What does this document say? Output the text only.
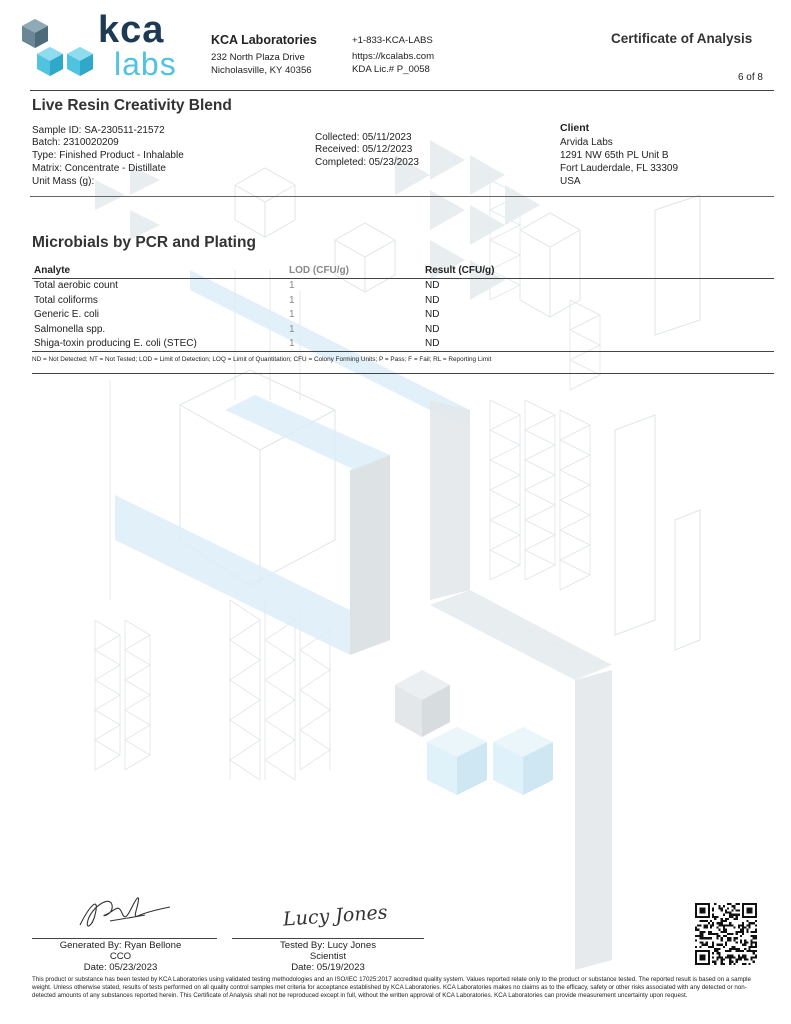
kca
labs
KCA Laboratories
232 North Plaza Drive
Nicholasville, KY 40356
+1-833-KCA-LABS
https://kcalabs.com
KDA Lic.# P_0058
Certificate of Analysis
6 of 8
Live Resin Creativity Blend
Sample ID: SA-230511-21572
Batch: 2310020209
Type: Finished Product - Inhalable
Matrix: Concentrate - Distillate
Unit Mass (g):
Collected: 05/11/2023
Received: 05/12/2023
Completed: 05/23/2023
Client
Arvida Labs
1291 NW 65th PL Unit B
Fort Lauderdale, FL 33309
USA
Microbials by PCR and Plating
Analyte	LOD (CFU/g)	Result (CFU/g)
Total aerobic count	1	ND
Total coliforms	1	ND
Generic E. coli	1	ND
Salmonella spp.	1	ND
Shiga-toxin producing E. coli (STEC)	1	ND
ND = Not Detected; NT = Not Tested; LOD = Limit of Detection; LOQ = Limit of Quantitation; CFU = Colony Forming Units; P = Pass; F = Fail; RL = Reporting Limit
Lucy Jones
Generated By: Ryan Bellone
CCO
Date: 05/23/2023
Tested By: Lucy Jones
Scientist
Date: 05/19/2023
This product or substance has been tested by KCA Laboratories using validated testing methodologies and an ISO/IEC 17025:2017 accredited quality system. Values reported relate only to the product or substance tested. The reported result is based on a sample weight. Unless otherwise stated, results of tests performed on all quality control samples met criteria for acceptance established by KCA Laboratories. KCA Laboratories makes no claims as to the efficacy, safety or other risks associated with any detected or non-detected amounts of any substances reported herein. This Certificate of Analysis shall not be reproduced except in full, without the written approval of KCA Laboratories. KCA Laboratories can provide measurement uncertainty upon request.
